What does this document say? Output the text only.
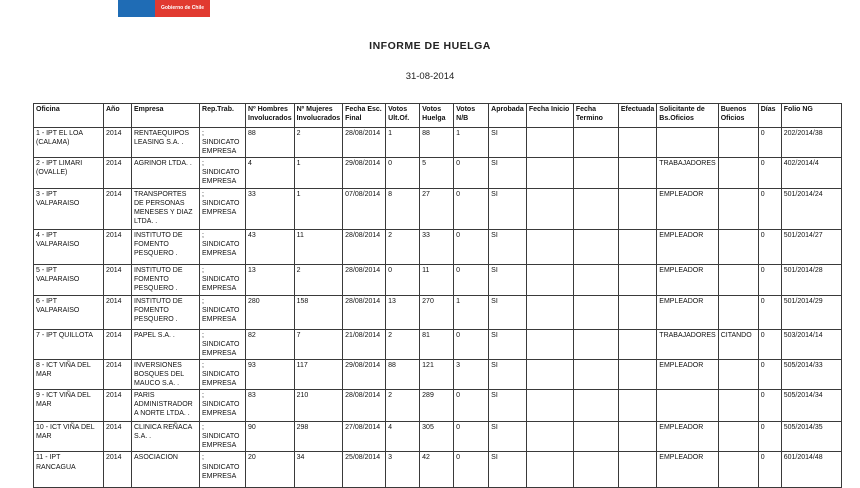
Gobierno de Chile
INFORME DE HUELGA
31-08-2014
Oficina	Año	Empresa	Rep.Trab.	Nº Hombres Involucrados	Nº Mujeres Involucrados	Fecha Esc. Final	Votos Ult.Of.	Votos Huelga	Votos N/B	Aprobada	Fecha Inicio	Fecha Termino	Efectuada	Solicitante de Bs.Oficios	Buenos Oficios	Días	Folio NG
1 - IPT EL LOA (CALAMA)	2014	RENTAEQUIPOS LEASING S.A. .	; SINDICATO EMPRESA	88	2	28/08/2014	1	88	1	SI						0	202/2014/38
2 - IPT LIMARI (OVALLE)	2014	AGRINOR LTDA. .	; SINDICATO EMPRESA	4	1	29/08/2014	0	5	0	SI				TRABAJADORES		0	402/2014/4
3 - IPT VALPARAISO	2014	TRANSPORTES DE PERSONAS MENESES Y DIAZ LTDA. .	; SINDICATO EMPRESA	33	1	07/08/2014	8	27	0	SI				EMPLEADOR		0	501/2014/24
4 - IPT VALPARAISO	2014	INSTITUTO DE FOMENTO PESQUERO .	; SINDICATO EMPRESA	43	11	28/08/2014	2	33	0	SI				EMPLEADOR		0	501/2014/27
5 - IPT VALPARAISO	2014	INSTITUTO DE FOMENTO PESQUERO .	; SINDICATO EMPRESA	13	2	28/08/2014	0	11	0	SI				EMPLEADOR		0	501/2014/28
6 - IPT VALPARAISO	2014	INSTITUTO DE FOMENTO PESQUERO .	; SINDICATO EMPRESA	280	158	28/08/2014	13	270	1	SI				EMPLEADOR		0	501/2014/29
7 - IPT QUILLOTA	2014	PAPEL S.A. .	; SINDICATO EMPRESA	82	7	21/08/2014	2	81	0	SI				TRABAJADORES	CITANDO	0	503/2014/14
8 - ICT VIÑA DEL MAR	2014	INVERSIONES BOSQUES DEL MAUCO S.A. .	; SINDICATO EMPRESA	93	117	29/08/2014	88	121	3	SI				EMPLEADOR		0	505/2014/33
9 - ICT VIÑA DEL MAR	2014	PARIS ADMINISTRADORA NORTE LTDA. .	; SINDICATO EMPRESA	83	210	28/08/2014	2	289	0	SI						0	505/2014/34
10 - ICT VIÑA DEL MAR	2014	CLINICA REÑACA S.A. .	; SINDICATO EMPRESA	90	298	27/08/2014	4	305	0	SI				EMPLEADOR		0	505/2014/35
11 - IPT RANCAGUA	2014	ASOCIACION	; SINDICATO EMPRESA	20	34	25/08/2014	3	42	0	SI				EMPLEADOR		0	601/2014/48
